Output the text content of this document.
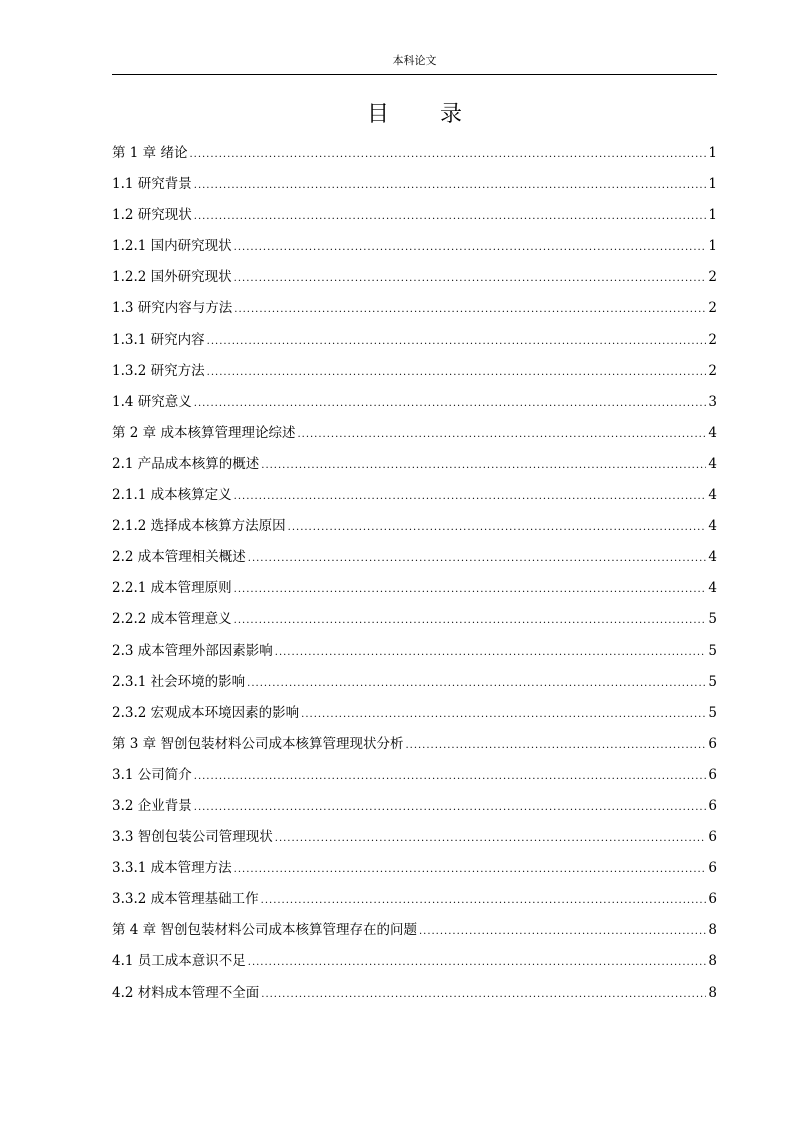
本科论文
目 录
第 1 章 绪论 .....	1
1.1 研究背景 .....	1
1.2 研究现状 .....	1
1.2.1 国内研究现状 .....	1
1.2.2 国外研究现状 .....	2
1.3 研究内容与方法 .....	2
1.3.1 研究内容 .....	2
1.3.2 研究方法 .....	2
1.4 研究意义 .....	3
第 2 章 成本核算管理理论综述 .....	4
2.1 产品成本核算的概述 .....	4
2.1.1 成本核算定义 .....	4
2.1.2 选择成本核算方法原因 .....	4
2.2 成本管理相关概述 .....	4
2.2.1 成本管理原则 .....	4
2.2.2 成本管理意义 .....	5
2.3 成本管理外部因素影响 .....	5
2.3.1 社会环境的影响 .....	5
2.3.2 宏观成本环境因素的影响 .....	5
第 3 章 智创包装材料公司成本核算管理现状分析 .....	6
3.1 公司简介 .....	6
3.2 企业背景 .....	6
3.3 智创包装公司管理现状 .....	6
3.3.1 成本管理方法 .....	6
3.3.2 成本管理基础工作 .....	6
第 4 章 智创包装材料公司成本核算管理存在的问题 .....	8
4.1 员工成本意识不足 .....	8
4.2 材料成本管理不全面 .....	8
